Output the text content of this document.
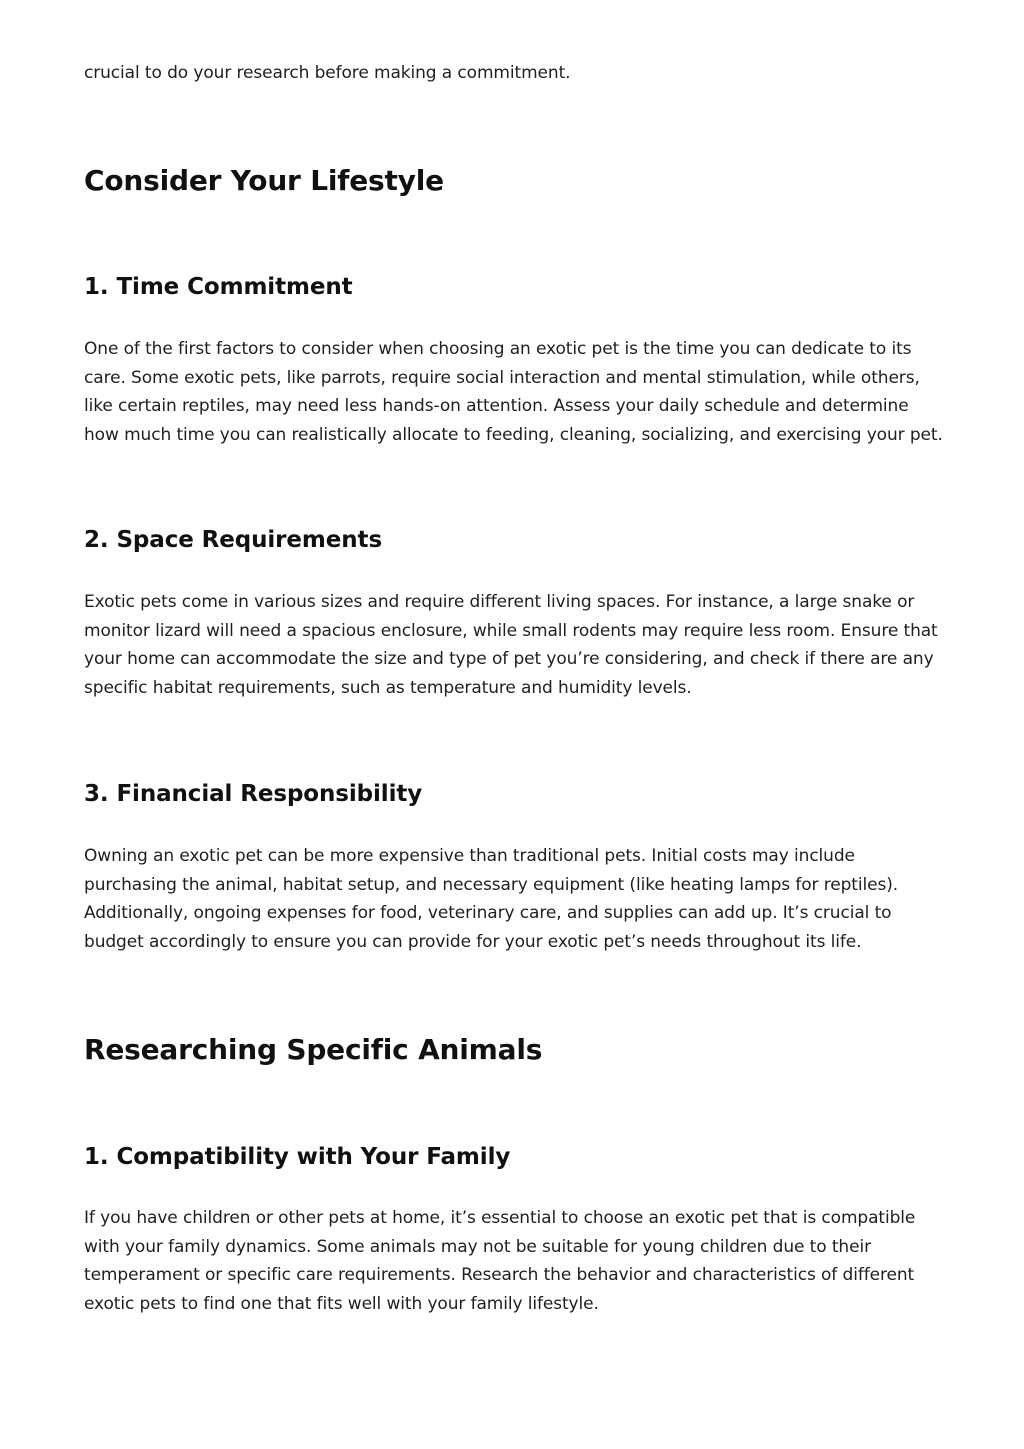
crucial to do your research before making a commitment.

Consider Your Lifestyle
1. Time Commitment

One of the first factors to consider when choosing an exotic pet is the time you can dedicate to its
care. Some exotic pets, like parrots, require social interaction and mental stimulation, while others,
like certain reptiles, may need less hands-on attention. Assess your daily schedule and determine
how much time you can realistically allocate to feeding, cleaning, socializing, and exercising your pet.

2. Space Requirements

Exotic pets come in various sizes and require different living spaces. For instance, a large snake or
monitor lizard will need a spacious enclosure, while small rodents may require less room. Ensure that
your home can accommodate the size and type of pet you’re considering, and check if there are any
specific habitat requirements, such as temperature and humidity levels.

3. Financial Responsibility

Owning an exotic pet can be more expensive than traditional pets. Initial costs may include
purchasing the animal, habitat setup, and necessary equipment (like heating lamps for reptiles).
Additionally, ongoing expenses for food, veterinary care, and supplies can add up. It’s crucial to
budget accordingly to ensure you can provide for your exotic pet’s needs throughout its life.

Researching Specific Animals
1. Compatibility with Your Family

If you have children or other pets at home, it’s essential to choose an exotic pet that is compatible
with your family dynamics. Some animals may not be suitable for young children due to their
temperament or specific care requirements. Research the behavior and characteristics of different
exotic pets to find one that fits well with your family lifestyle.
